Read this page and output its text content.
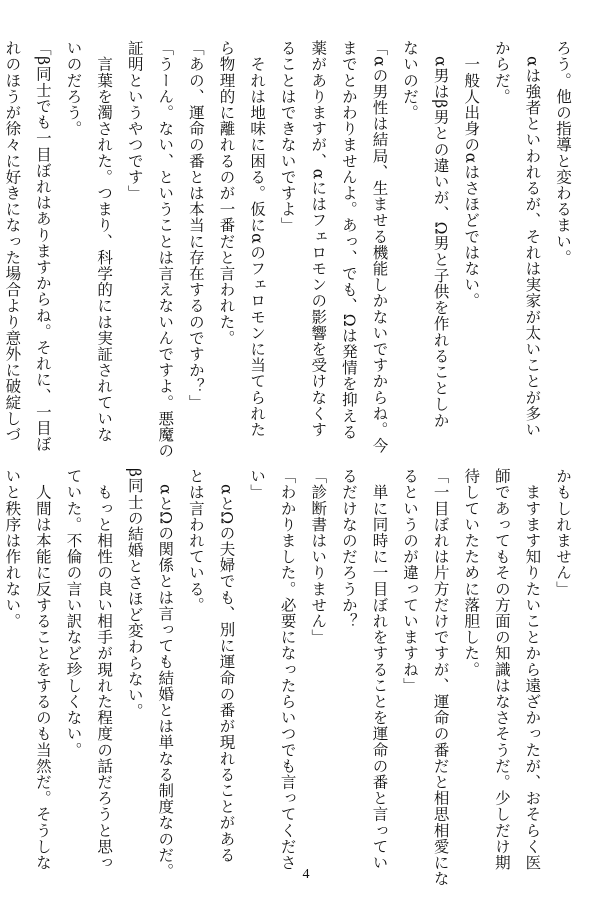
ろう。他の指導と変わるまい。
　αは強者といわれるが、それは実家が太いことが多い
からだ。
　一般人出身のαはさほどではない。
　α男はβ男との違いが、Ω男と子供を作れることしか
ないのだ。
「αの男性は結局、生ませる機能しかないですからね。今
までとかわりませんよ。あっ、でも、Ωは発情を抑える
薬がありますが、αにはフェロモンの影響を受けなくす
ることはできないですよ」
　それは地味に困る。仮にαのフェロモンに当てられた
ら物理的に離れるのが一番だと言われた。
「あの、運命の番とは本当に存在するのですか？」
「うーん。ない、ということは言えないんですよ。悪魔の
証明というやつです」
　言葉を濁された。つまり、科学的には実証されていな
いのだろう。
「β同士でも一目ぼれはありますからね。それに、一目ぼ
れのほうが徐々に好きになった場合より意外に破綻しづ
かもしれません」
　ますます知りたいことから遠ざかったが、おそらく医
師であってもその方面の知識はなさそうだ。少しだけ期
待していたために落胆した。
「一目ぼれは片方だけですが、運命の番だと相思相愛にな
るというのが違っていますね」
　単に同時に一目ぼれをすることを運命の番と言ってい
るだけなのだろうか？
「診断書はいりません」
「わかりました。必要になったらいつでも言ってくださ
い」
　αとΩの夫婦でも、別に運命の番が現れることがある
とは言われている。
　αとΩの関係とは言っても結婚とは単なる制度なのだ。
β同士の結婚とさほど変わらない。
　もっと相性の良い相手が現れた程度の話だろうと思っ
ていた。不倫の言い訳など珍しくない。
　人間は本能に反することをするのも当然だ。そうしな
いと秩序は作れない。
4
